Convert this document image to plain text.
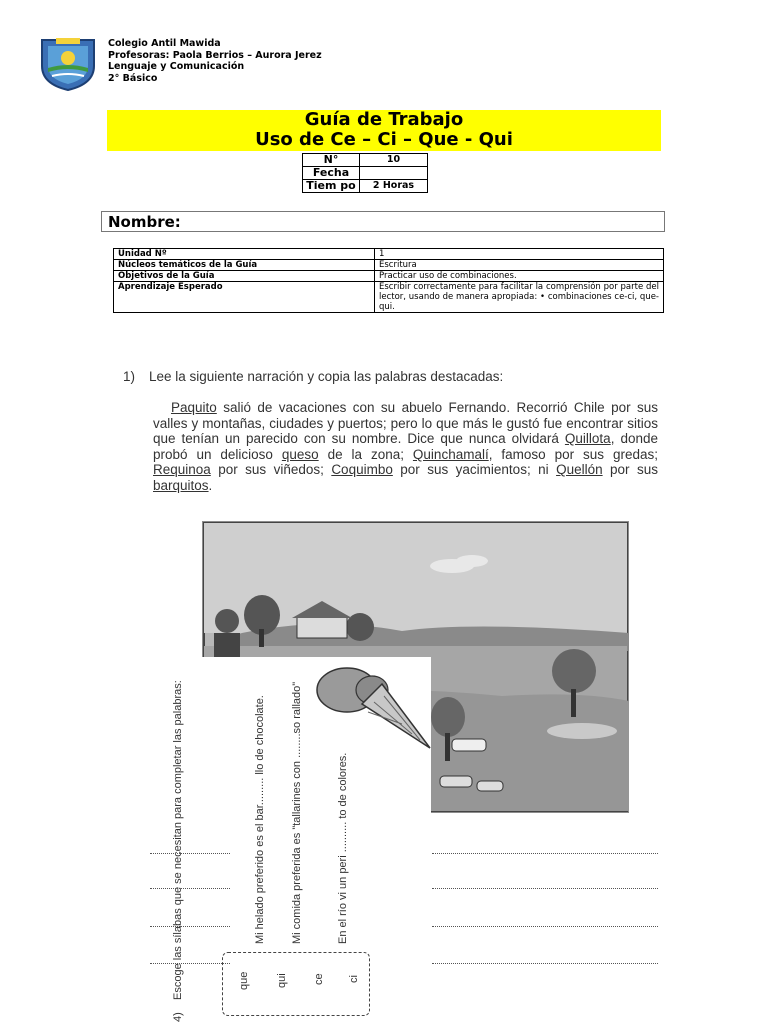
Colegio Antil Mawida
Profesoras: Paola Berrios – Aurora Jerez
Lenguaje y Comunicación
2° Básico
Guía de Trabajo
Uso de Ce – Ci – Que - Qui
N°	10
Fecha	
Tiem po	2 Horas
Nombre:
Unidad Nº	1
Núcleos temáticos de la Guía	Escritura
Objetivos de la Guía	Practicar uso de combinaciones.
Aprendizaje Esperado	Escribir correctamente para facilitar la comprensión por parte del lector, usando de manera apropiada: • combinaciones ce-ci, que-qui.
1) Lee la siguiente narración y copia las palabras destacadas:
Paquito salió de vacaciones con su abuelo Fernando. Recorrió Chile por sus valles y montañas, ciudades y puertos; pero lo que más le gustó fue encontrar sitios que tenían un parecido con su nombre. Dice que nunca olvidará Quillota, donde probó un delicioso queso de la zona; Quinchamalí, famoso por sus gredas; Requinoa por sus viñedos; Coquimbo por sus yacimientos; ni Quellón por sus barquitos.
4)
Escoge las sílabas que se necesitan para completar las palabras:	Mi helado preferido es el bar......... llo de chocolate. Mi comida preferida es "tallarines con ........so rallado"	En el río vi un peri .......... to de colores.
que qui ce ci
